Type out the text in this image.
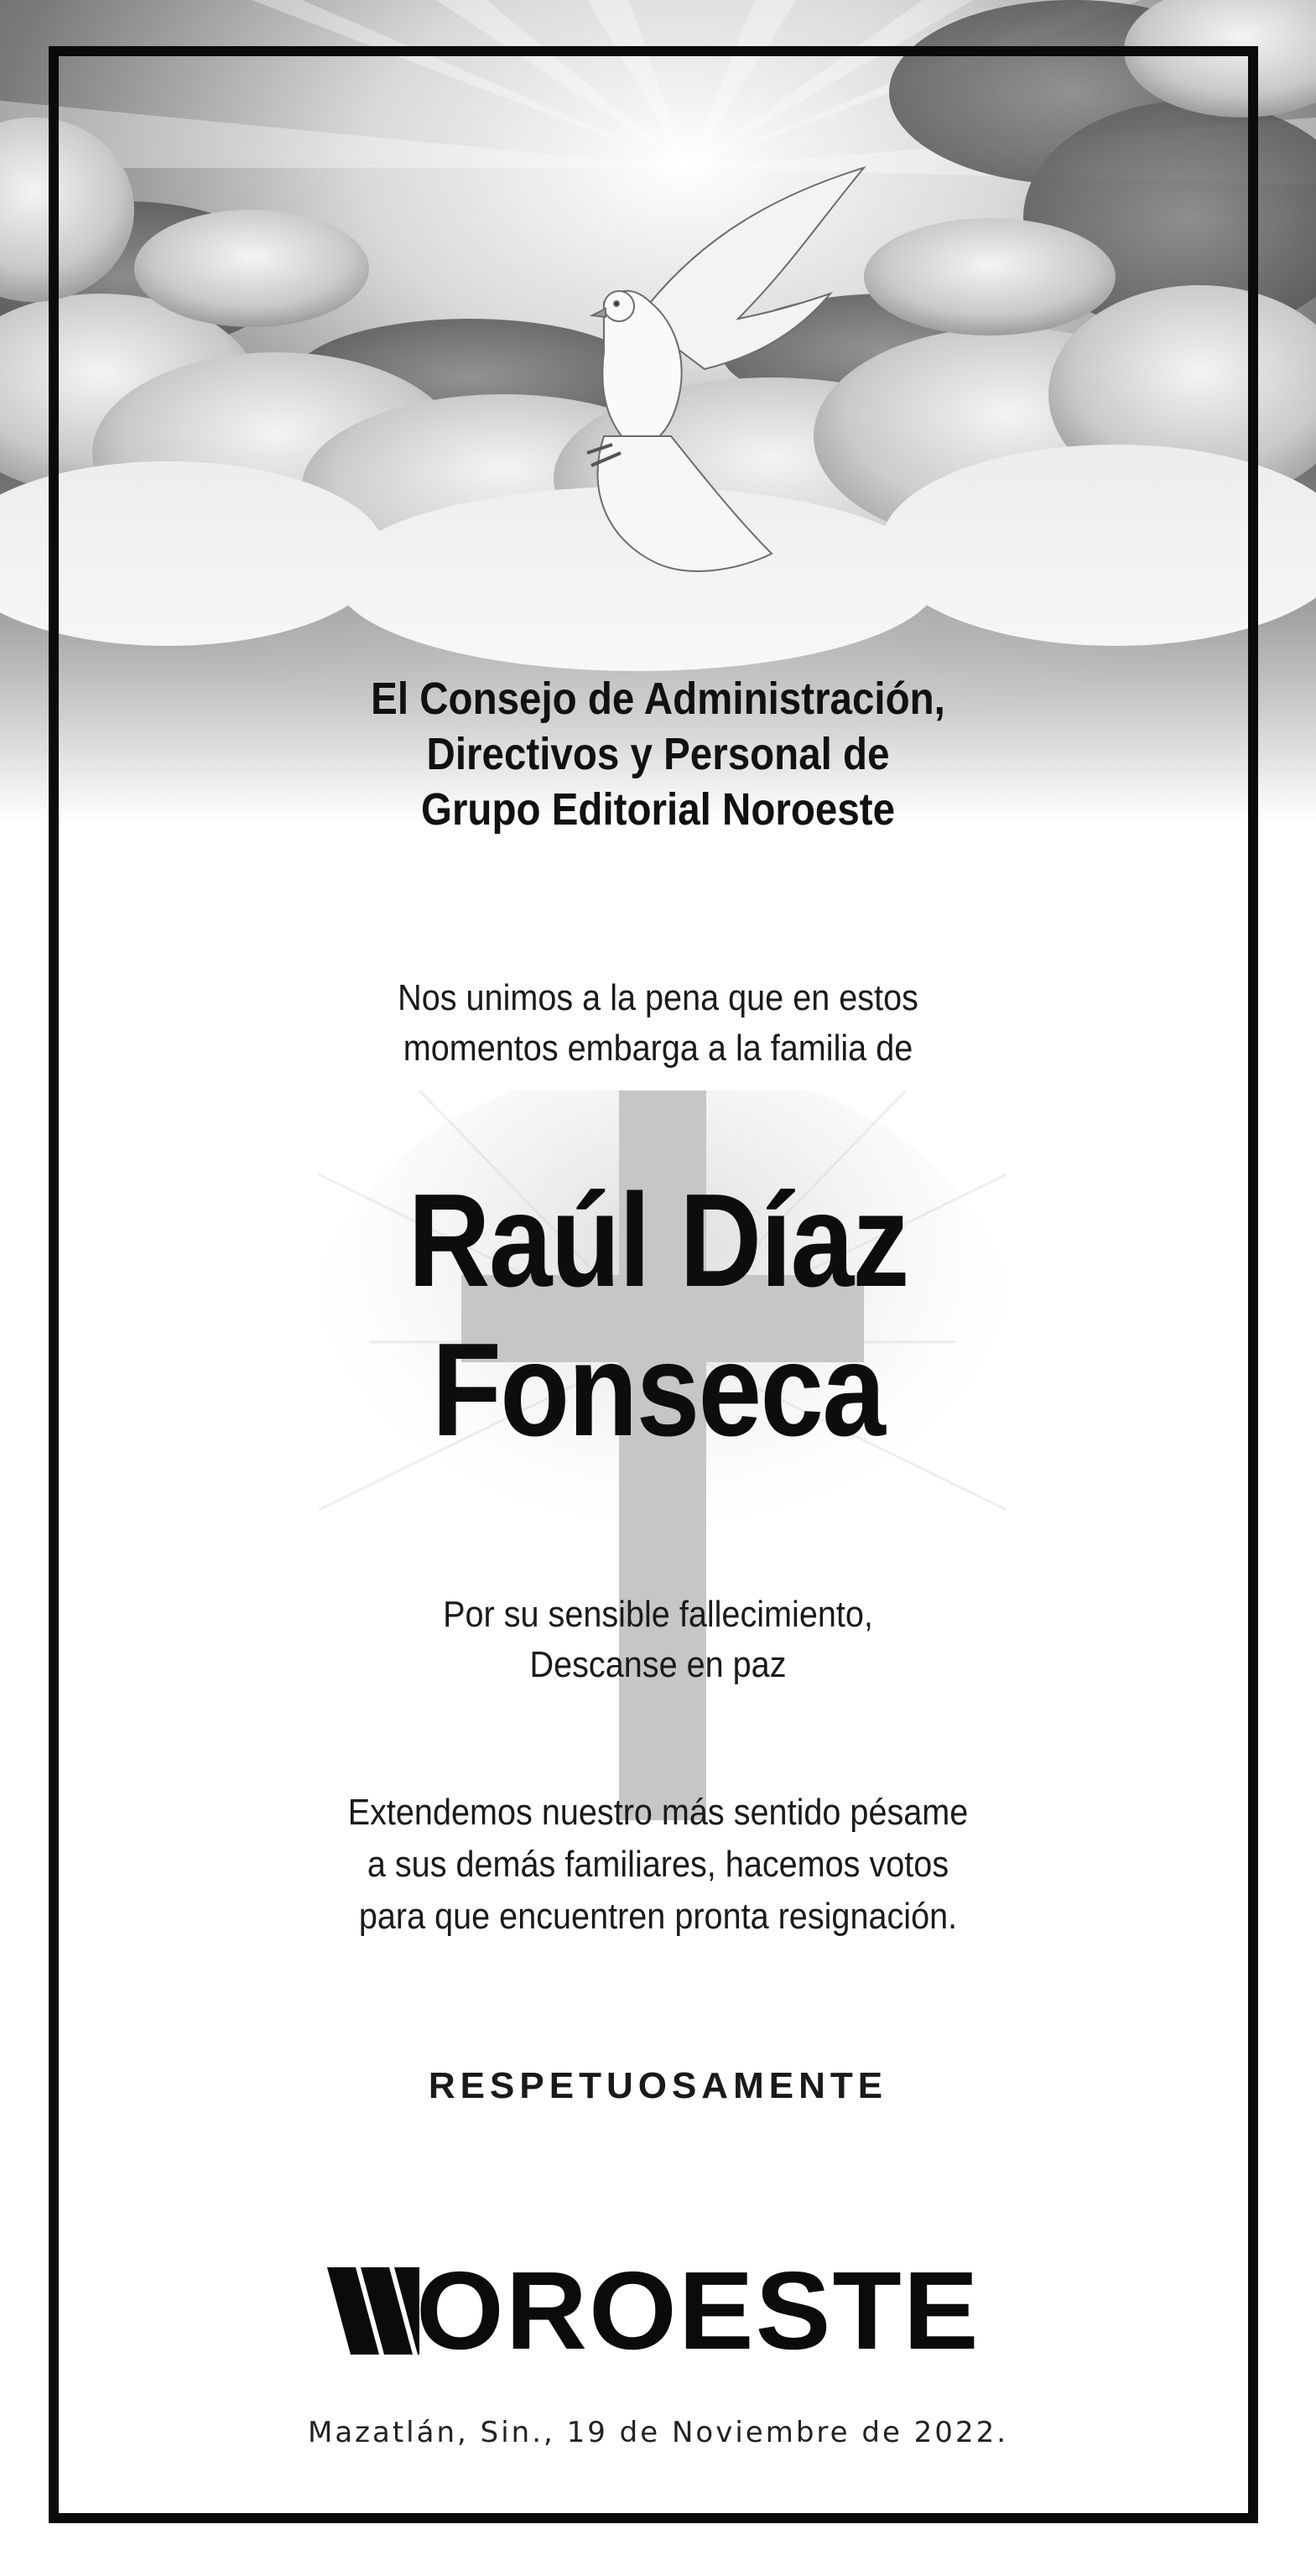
El Consejo de Administración,
Directivos y Personal de
Grupo Editorial Noroeste
Nos unimos a la pena que en estos
momentos embarga a la familia de
Raúl Díaz
Fonseca
Por su sensible fallecimiento,
Descanse en paz
Extendemos nuestro más sentido pésame
a sus demás familiares, hacemos votos
para que encuentren pronta resignación.
RESPETUOSAMENTE
OROESTE
Mazatlán, Sin., 19 de Noviembre de 2022.
